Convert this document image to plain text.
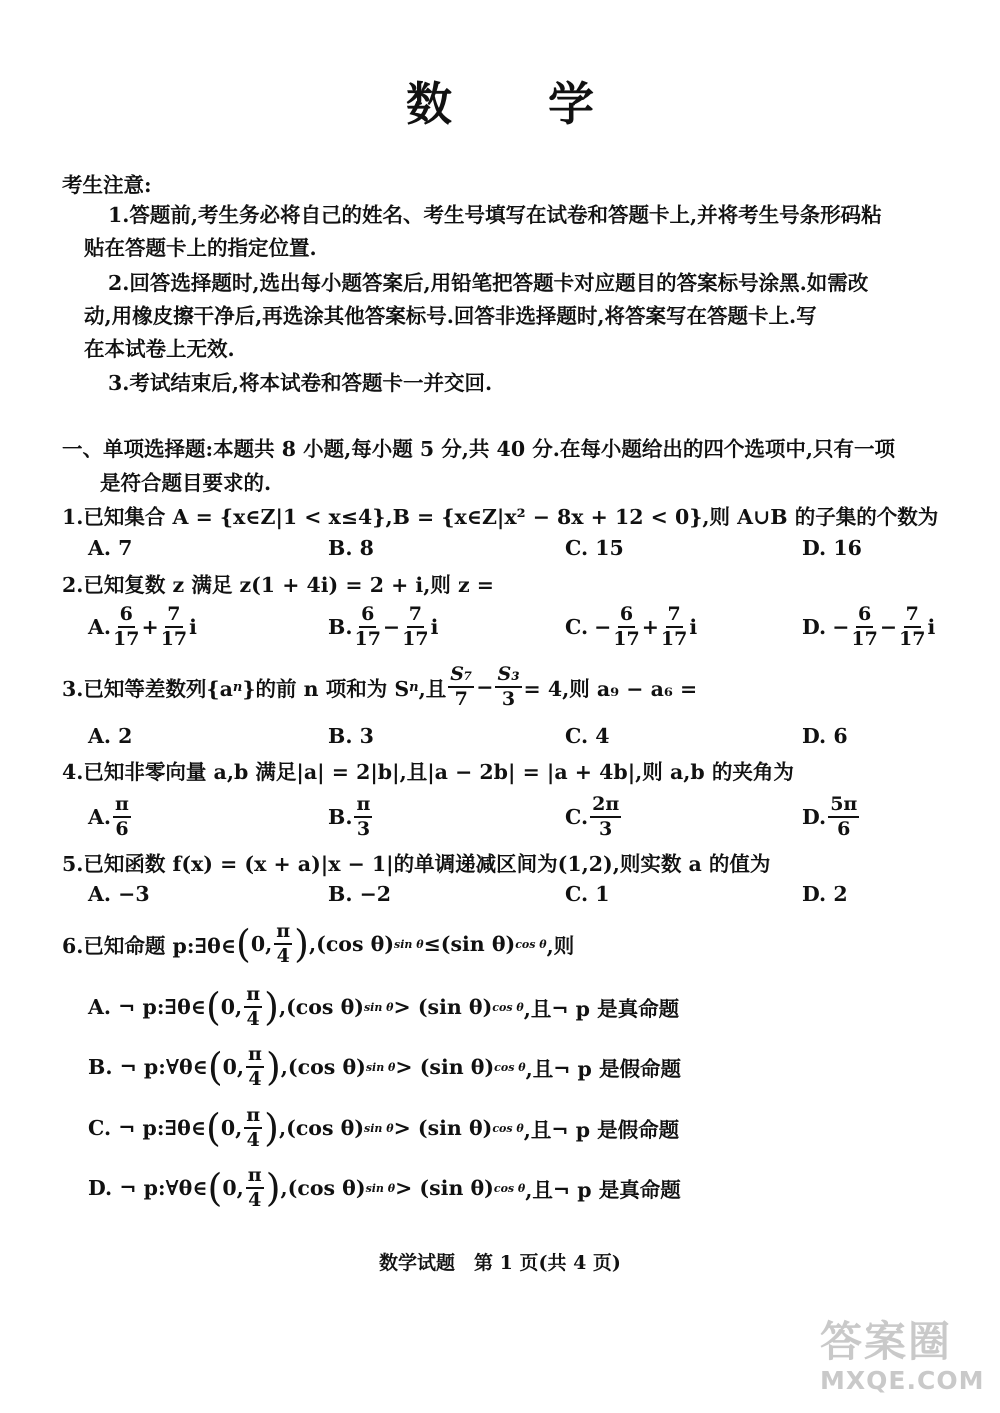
数 学
考生注意:
1.答题前,考生务必将自己的姓名、考生号填写在试卷和答题卡上,并将考生号条形码粘
贴在答题卡上的指定位置.
2.回答选择题时,选出每小题答案后,用铅笔把答题卡对应题目的答案标号涂黑.如需改
动,用橡皮擦干净后,再选涂其他答案标号.回答非选择题时,将答案写在答题卡上.写
在本试卷上无效.
3.考试结束后,将本试卷和答题卡一并交回.
一、单项选择题:本题共 8 小题,每小题 5 分,共 40 分.在每小题给出的四个选项中,只有一项
是符合题目要求的.
1.已知集合 A = {x∈Z|1 < x≤4},B = {x∈Z|x² − 8x + 12 < 0},则 A∪B 的子集的个数为
A. 7	B. 8	C. 15	D. 16
2.已知复数 z 满足 z(1 + 4i) = 2 + i,则 z =
A. $\frac{6}{17} + \frac{7}{17}$ i	B. $\frac{6}{17} - \frac{7}{17}$ i	C. − $\frac{6}{17} + \frac{7}{17}$ i	D. − $\frac{6}{17} - \frac{7}{17}$ i
3.已知等差数列{a n }的前 n 项和为 S n ,且 $\frac{\text{S₇}}{7} - \frac{\text{S₃}}{3} = 4$,则 a₉ − a₆ =
A. 2	B. 3	C. 4	D. 6
4.已知非零向量 a,b 满足|a| = 2|b|,且|a − 2b| = |a + 4b|,则 a,b 的夹角为
A. $\frac{\pi}{6}$	B. $\frac{\pi}{3}$	C. $\frac{2\pi}{3}$	D. $\frac{5\pi}{6}$
5.已知函数 f(x) = (x + a)|x − 1|的单调递减区间为(1,2),则实数 a 的值为
A. −3	B. −2	C. 1	D. 2
6.已知命题 p:∃θ∈ ( 0, $\frac{\pi}{4}$ ) ,(cos θ) sin θ ≤(sin θ) cos θ ,则
A. ¬ p:∃θ∈ ( 0, $\frac{\pi}{4}$ ) ,(cos θ) sin θ > (sin θ) cos θ ,且¬ p 是真命题
B. ¬ p:∀θ∈ ( 0, $\frac{\pi}{4}$ ) ,(cos θ) sin θ > (sin θ) cos θ ,且¬ p 是假命题
C. ¬ p:∃θ∈ ( 0, $\frac{\pi}{4}$ ) ,(cos θ) sin θ > (sin θ) cos θ ,且¬ p 是假命题
D. ¬ p:∀θ∈ ( 0, $\frac{\pi}{4}$ ) ,(cos θ) sin θ > (sin θ) cos θ ,且¬ p 是真命题
数学试题　第 1 页(共 4 页)
答案圈
MXQE.COM
